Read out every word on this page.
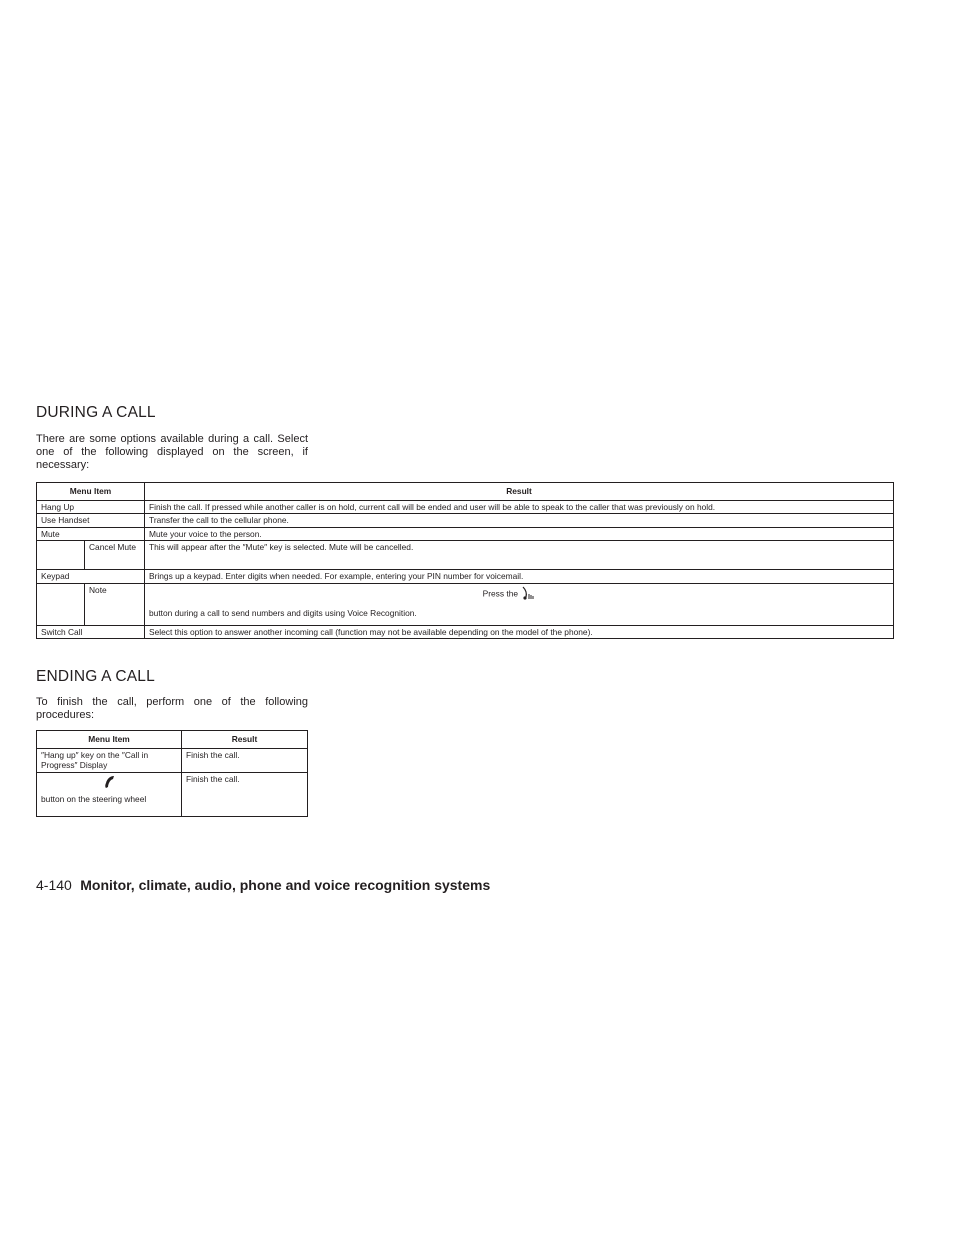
DURING A CALL

There are some options available during a call. Select one of the following displayed on the screen, if necessary:

Menu Item		Result
Hang Up		Finish the call. If pressed while another caller is on hold, current call will be ended and user will be able to speak to the caller that was previously on hold.
Use Handset		Transfer the call to the cellular phone.
Mute		Mute your voice to the person.
	Cancel Mute	This will appear after the ″Mute″ key is selected. Mute will be cancelled.
Keypad		Brings up a keypad. Enter digits when needed. For example, entering your PIN number for voicemail.
	Note	Press the
button during a call to send numbers and digits using Voice Recognition.

Switch Call		Select this option to answer another incoming call (function may not be available depending on the model of the phone).
ENDING A CALL

To finish the call, perform one of the following procedures:

Menu Item	Result
″Hang up″ key on the ″Call in Progress″ Display	Finish the call.

button on the steering wheel	Finish the call.
4-140 Monitor, climate, audio, phone and voice recognition systems
